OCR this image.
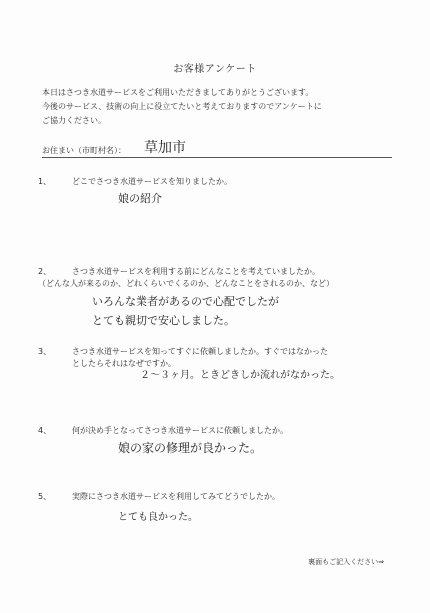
お客様アンケート
本日はさつき水道サービスをご利用いただきましてありがとうございます。
今後のサービス、技術の向上に役立てたいと考えておりますのでアンケートに
ご協力ください。
お住まい（市町村名）： 草加市
1、	どこでさつき水道サービスを知りましたか。
娘の紹介
2、	さつき水道サービスを利用する前にどんなことを考えていましたか。
（どんな人が来るのか、どれくらいでくるのか、どんなことをされるのか、など）
いろんな業者があるので心配でしたが
とても親切で安心しました。
3、	さつき水道サービスを知ってすぐに依頼しましたか。すぐではなかった
としたらそれはなぜですか。
２～３ヶ月。ときどきしか流れがなかった。
4、	何が決め手となってさつき水道サービスに依頼しましたか。
娘の家の修理が良かった。
5、	実際にさつき水道サービスを利用してみてどうでしたか。
とても良かった。
裏面もご記入ください⇒
